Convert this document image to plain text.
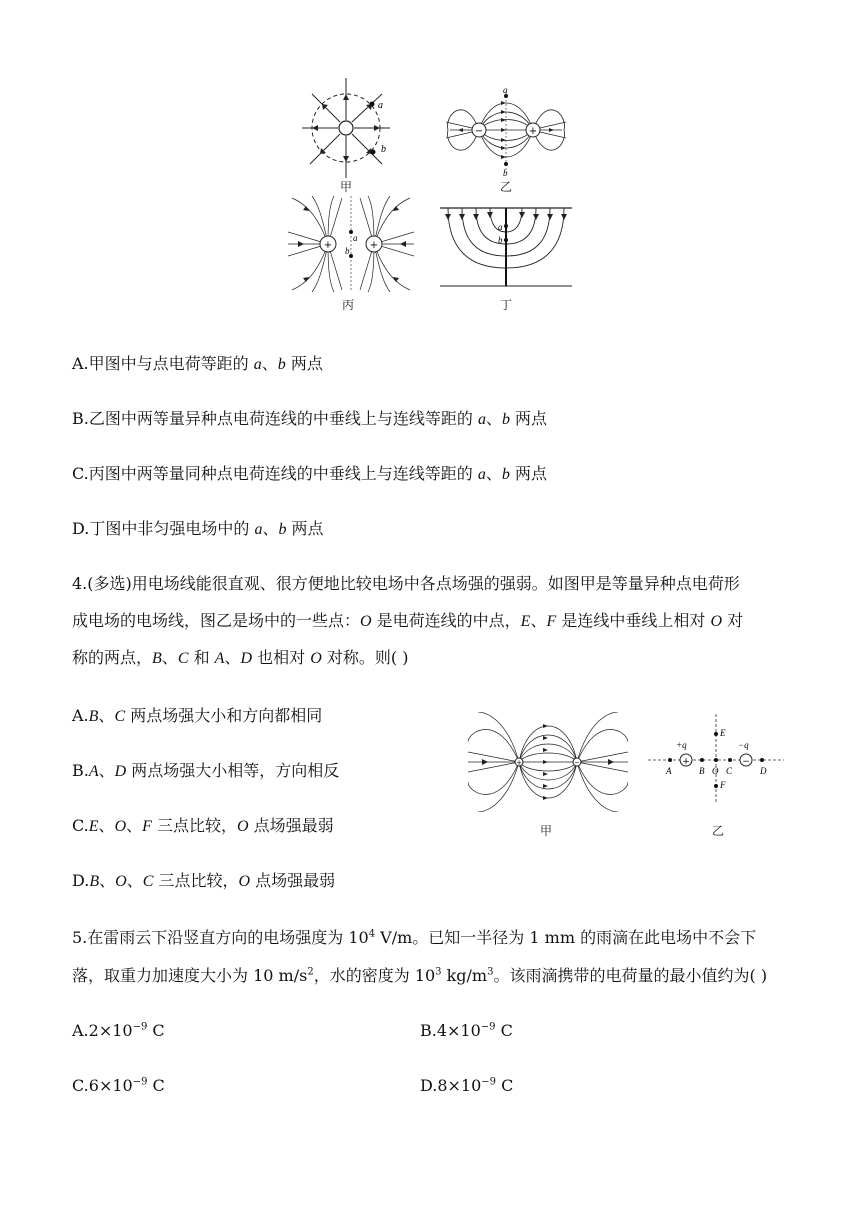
a
b
甲
−	+
a
b
乙
+	+
a
b
丙
a
b
丁
A.甲图中与点电荷等距的 a、b 两点
B.乙图中两等量异种点电荷连线的中垂线上与连线等距的 a、b 两点
C.丙图中两等量同种点电荷连线的中垂线上与连线等距的 a、b 两点
D.丁图中非匀强电场中的 a、b 两点
4.(多选)用电场线能很直观、很方便地比较电场中各点场强的强弱。如图甲是等量异种点电荷形
成电场的电场线，图乙是场中的一些点：O 是电荷连线的中点，E、F 是连线中垂线上相对 O 对
称的两点，B、C 和 A、D 也相对 O 对称。则( )
A.B、C 两点场强大小和方向都相同
B.A、D 两点场强大小相等，方向相反
C.E、O、F 三点比较，O 点场强最弱
D.B、O、C 三点比较，O 点场强最弱
+	−
甲
+	−
+q	−q
A	B O C	D
E
F
乙
5.在雷雨云下沿竖直方向的电场强度为 $10^4$ V/m。已知一半径为 1 mm 的雨滴在此电场中不会下
落，取重力加速度大小为 10 $m/s^2$，水的密度为 $10^3$ $kg/m^3$。该雨滴携带的电荷量的最小值约为( )
$A.2\times 10^{-9}$ C	$B.4\times 10^{-9}$ C
$C.6\times 10^{-9}$ C	$D.8\times 10^{-9}$ C
